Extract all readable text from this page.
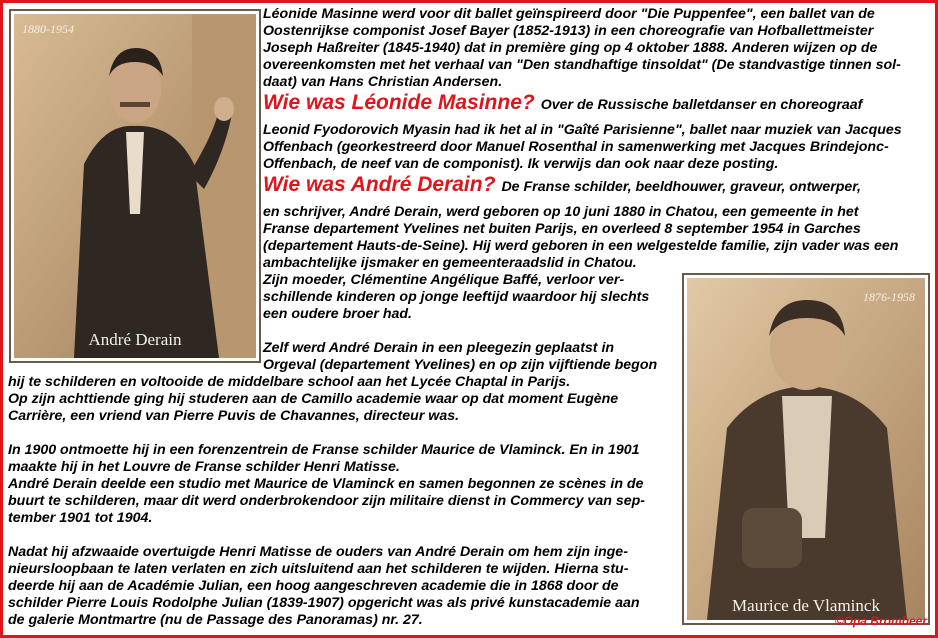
1880-1954
André Derain
1876-1958
Maurice de Vlaminck
Léonide Masinne werd voor dit ballet geïnspireerd door "Die Puppenfee", een ballet van de
Oostenrijkse componist Josef Bayer (1852-1913) in een choreografie van Hofballettmeister
Joseph Haßreiter (1845-1940) dat in première ging op 4 oktober 1888. Anderen wijzen op de
overeenkomsten met het verhaal van "Den standhaftige tinsoldat" (De standvastige tinnen sol-
daat) van Hans Christian Andersen.
Wie was Léonide Masinne? Over de Russische balletdanser en choreograaf
Leonid Fyodorovich Myasin had ik het al in "Gaîté Parisienne", ballet naar muziek van Jacques
Offenbach (georkestreerd door Manuel Rosenthal in samenwerking met Jacques Brindejonc-
Offenbach, de neef van de componist). Ik verwijs dan ook naar deze posting.
Wie was André Derain? De Franse schilder, beeldhouwer, graveur, ontwerper,
en schrijver, André Derain, werd geboren op 10 juni 1880 in Chatou, een gemeente in het
Franse departement Yvelines net buiten Parijs, en overleed 8 september 1954 in Garches
(departement Hauts-de-Seine). Hij werd geboren in een welgestelde familie, zijn vader was een
ambachtelijke ijsmaker en gemeenteraadslid in Chatou.
Zijn moeder, Clémentine Angélique Baffé, verloor ver-
schillende kinderen op jonge leeftijd waardoor hij slechts
een oudere broer had.
Zelf werd André Derain in een pleegezin geplaatst in
Orgeval (departement Yvelines) en op zijn vijftiende begon
hij te schilderen en voltooide de middelbare school aan het Lycée Chaptal in Parijs.
Op zijn achttiende ging hij studeren aan de Camillo academie waar op dat moment Eugène
Carrière, een vriend van Pierre Puvis de Chavannes, directeur was.
In 1900 ontmoette hij in een forenzentrein de Franse schilder Maurice de Vlaminck. En in 1901
maakte hij in het Louvre de Franse schilder Henri Matisse.
André Derain deelde een studio met Maurice de Vlaminck en samen begonnen ze scènes in de
buurt te schilderen, maar dit werd onderbrokendoor zijn militaire dienst in Commercy van sep-
tember 1901 tot 1904.
Nadat hij afzwaaide overtuigde Henri Matisse de ouders van André Derain om hem zijn inge-
nieursloopbaan te laten verlaten en zich uitsluitend aan het schilderen te wijden. Hierna stu-
deerde hij aan de Académie Julian, een hoog aangeschreven academie die in 1868 door de
schilder Pierre Louis Rodolphe Julian (1839-1907) opgericht was als privé kunstacademie aan
de galerie Montmartre (nu de Passage des Panoramas) nr. 27.	©Opa Brombeer
